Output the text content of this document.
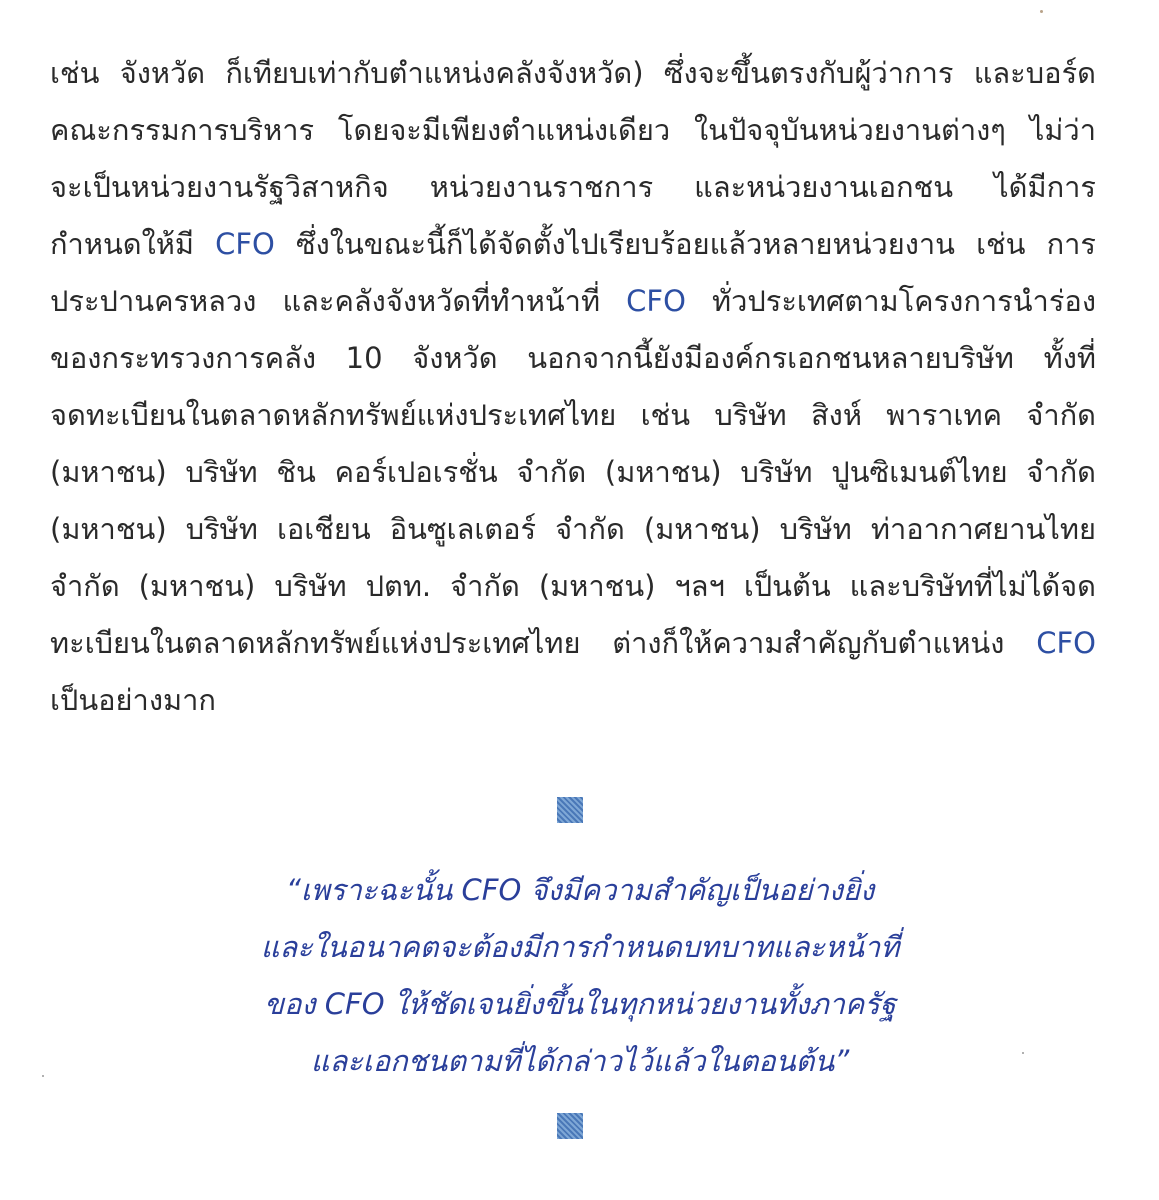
เช่น จังหวัด ก็เทียบเท่ากับตำแหน่งคลังจังหวัด) ซึ่งจะขึ้นตรงกับผู้ว่าการ และบอร์ด
คณะกรรมการบริหาร โดยจะมีเพียงตำแหน่งเดียว ในปัจจุบันหน่วยงานต่างๆ ไม่ว่า
จะเป็นหน่วยงานรัฐวิสาหกิจ หน่วยงานราชการ และหน่วยงานเอกชน ได้มีการ
กำหนดให้มี CFO ซึ่งในขณะนี้ก็ได้จัดตั้งไปเรียบร้อยแล้วหลายหน่วยงาน เช่น การ
ประปานครหลวง และคลังจังหวัดที่ทำหน้าที่ CFO ทั่วประเทศตามโครงการนำร่อง
ของกระทรวงการคลัง 10 จังหวัด นอกจากนี้ยังมีองค์กรเอกชนหลายบริษัท ทั้งที่
จดทะเบียนในตลาดหลักทรัพย์แห่งประเทศไทย เช่น บริษัท สิงห์ พาราเทค จำกัด
(มหาชน) บริษัท ชิน คอร์เปอเรชั่น จำกัด (มหาชน) บริษัท ปูนซิเมนต์ไทย จำกัด
(มหาชน) บริษัท เอเชียน อินซูเลเตอร์ จำกัด (มหาชน) บริษัท ท่าอากาศยานไทย
จำกัด (มหาชน) บริษัท ปตท. จำกัด (มหาชน) ฯลฯ เป็นต้น และบริษัทที่ไม่ได้จด
ทะเบียนในตลาดหลักทรัพย์แห่งประเทศไทย ต่างก็ให้ความสำคัญกับตำแหน่ง CFO
เป็นอย่างมาก
“เพราะฉะนั้น CFO จึงมีความสำคัญเป็นอย่างยิ่ง
และในอนาคตจะต้องมีการกำหนดบทบาทและหน้าที่
ของ CFO ให้ชัดเจนยิ่งขึ้นในทุกหน่วยงานทั้งภาครัฐ
และเอกชนตามที่ได้กล่าวไว้แล้วในตอนต้น”
